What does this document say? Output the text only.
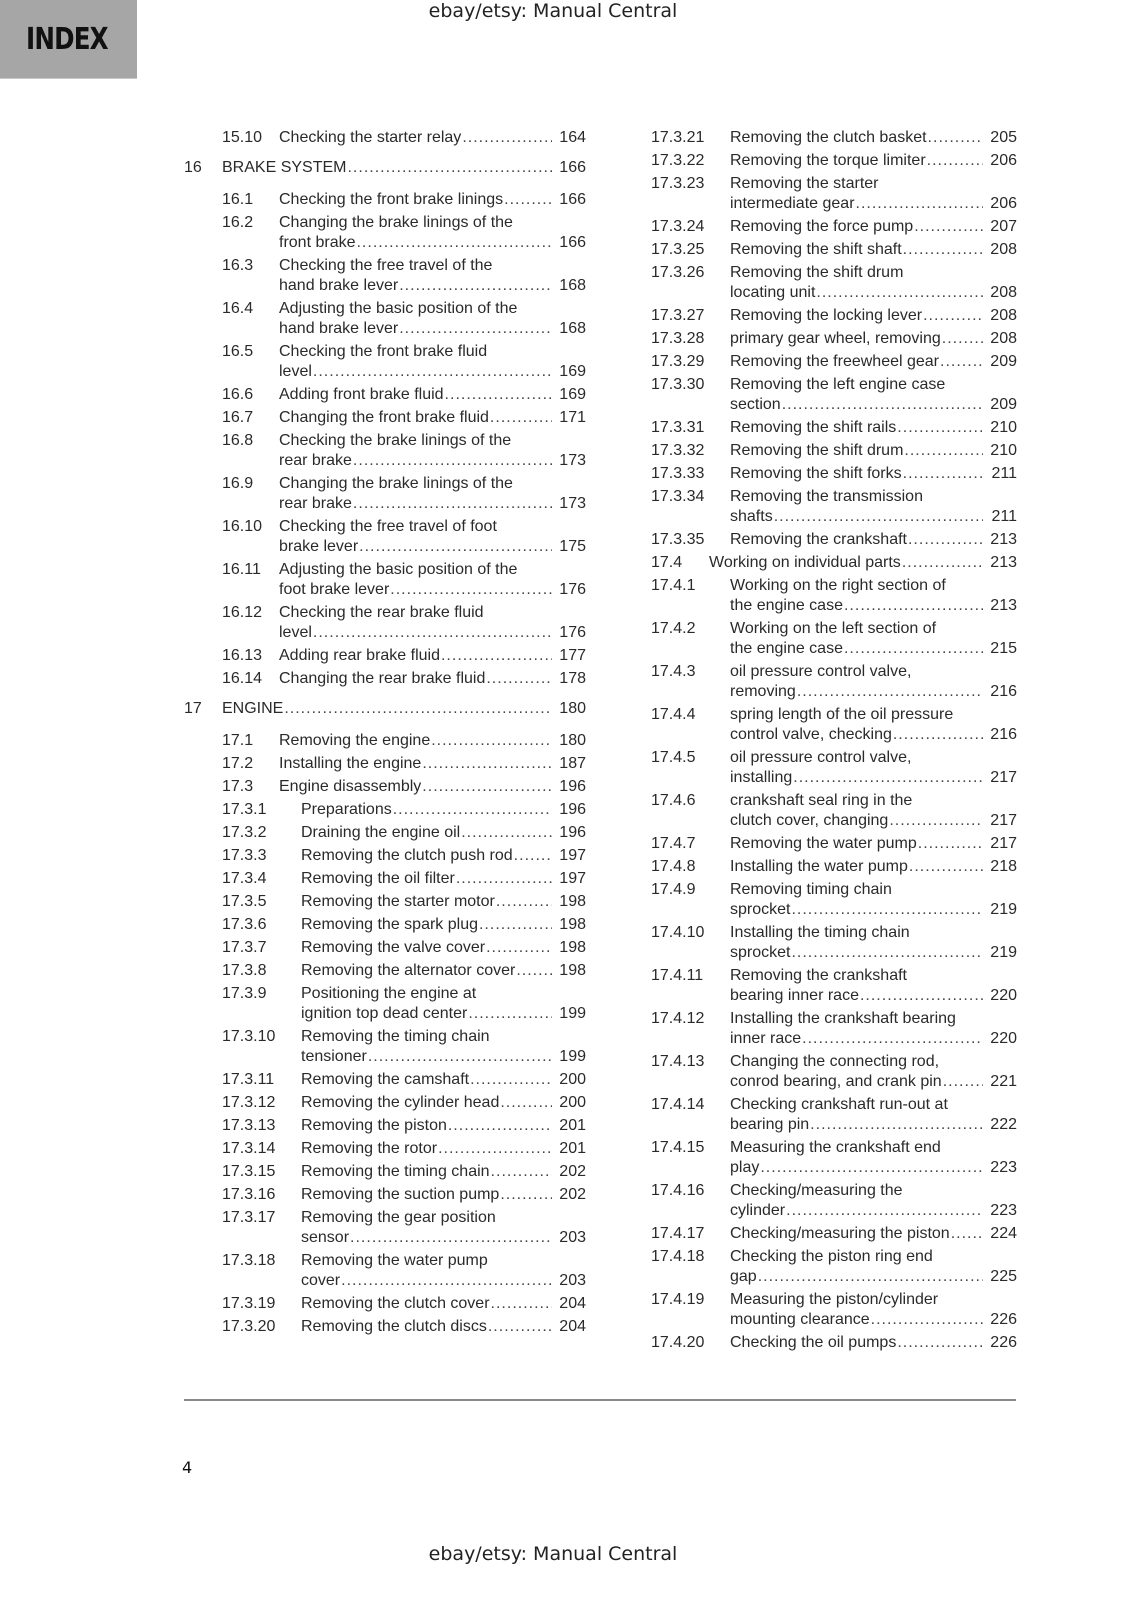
INDEX
ebay/etsy: Manual Central
15.10 Checking the starter relay .....	164
16 BRAKE SYSTEM .....	166
16.1 Checking the front brake linings .....	166
16.2 Changing the brake linings of the
front brake .....	166
16.3 Checking the free travel of the
hand brake lever .....	168
16.4 Adjusting the basic position of the
hand brake lever .....	168
16.5 Checking the front brake fluid
level .....	169
16.6 Adding front brake fluid .....	169
16.7 Changing the front brake fluid .....	171
16.8 Checking the brake linings of the
rear brake .....	173
16.9 Changing the brake linings of the
rear brake .....	173
16.10 Checking the free travel of foot
brake lever .....	175
16.11 Adjusting the basic position of the
foot brake lever .....	176
16.12 Checking the rear brake fluid
level .....	176
16.13 Adding rear brake fluid .....	177
16.14 Changing the rear brake fluid .....	178
17 ENGINE .....	180
17.1 Removing the engine .....	180
17.2 Installing the engine .....	187
17.3 Engine disassembly .....	196
17.3.1 Preparations .....	196
17.3.2 Draining the engine oil .....	196
17.3.3 Removing the clutch push rod .....	197
17.3.4 Removing the oil filter .....	197
17.3.5 Removing the starter motor .....	198
17.3.6 Removing the spark plug .....	198
17.3.7 Removing the valve cover .....	198
17.3.8 Removing the alternator cover .....	198
17.3.9 Positioning the engine at
ignition top dead center .....	199
17.3.10 Removing the timing chain
tensioner .....	199
17.3.11 Removing the camshaft .....	200
17.3.12 Removing the cylinder head .....	200
17.3.13 Removing the piston .....	201
17.3.14 Removing the rotor .....	201
17.3.15 Removing the timing chain .....	202
17.3.16 Removing the suction pump .....	202
17.3.17 Removing the gear position
sensor .....	203
17.3.18 Removing the water pump
cover .....	203
17.3.19 Removing the clutch cover .....	204
17.3.20 Removing the clutch discs .....	204
17.3.21 Removing the clutch basket .....	205
17.3.22 Removing the torque limiter .....	206
17.3.23 Removing the starter
intermediate gear .....	206
17.3.24 Removing the force pump .....	207
17.3.25 Removing the shift shaft .....	208
17.3.26 Removing the shift drum
locating unit .....	208
17.3.27 Removing the locking lever .....	208
17.3.28 primary gear wheel, removing .....	208
17.3.29 Removing the freewheel gear .....	209
17.3.30 Removing the left engine case
section .....	209
17.3.31 Removing the shift rails .....	210
17.3.32 Removing the shift drum .....	210
17.3.33 Removing the shift forks .....	211
17.3.34 Removing the transmission
shafts .....	211
17.3.35 Removing the crankshaft .....	213
17.4 Working on individual parts .....	213
17.4.1 Working on the right section of
the engine case .....	213
17.4.2 Working on the left section of
the engine case .....	215
17.4.3 oil pressure control valve,
removing .....	216
17.4.4 spring length of the oil pressure
control valve, checking .....	216
17.4.5 oil pressure control valve,
installing .....	217
17.4.6 crankshaft seal ring in the
clutch cover, changing .....	217
17.4.7 Removing the water pump .....	217
17.4.8 Installing the water pump .....	218
17.4.9 Removing timing chain
sprocket .....	219
17.4.10 Installing the timing chain
sprocket .....	219
17.4.11 Removing the crankshaft
bearing inner race .....	220
17.4.12 Installing the crankshaft bearing
inner race .....	220
17.4.13 Changing the connecting rod,
conrod bearing, and crank pin .....	221
17.4.14 Checking crankshaft run-out at
bearing pin .....	222
17.4.15 Measuring the crankshaft end
play .....	223
17.4.16 Checking/measuring the
cylinder .....	223
17.4.17 Checking/measuring the piston .....	224
17.4.18 Checking the piston ring end
gap .....	225
17.4.19 Measuring the piston/cylinder
mounting clearance .....	226
17.4.20 Checking the oil pumps .....	226
4
ebay/etsy: Manual Central
